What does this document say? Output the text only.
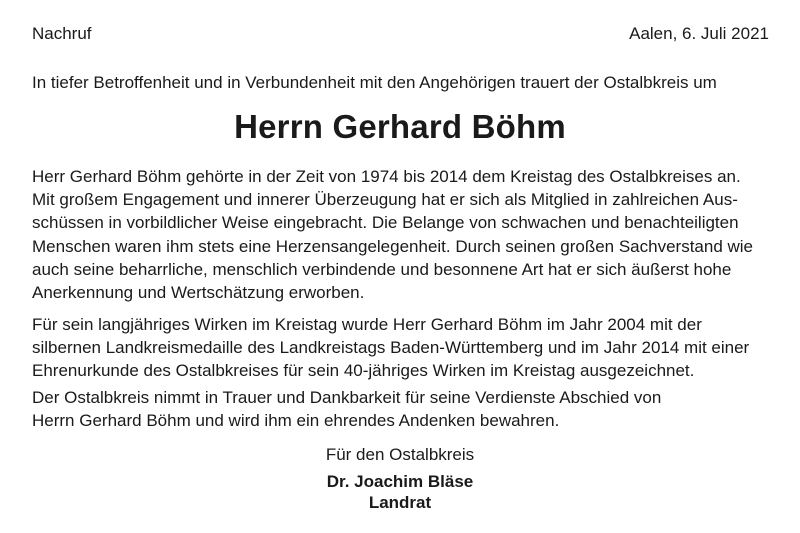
Nachruf	Aalen, 6. Juli 2021
In tiefer Betroffenheit und in Verbundenheit mit den Angehörigen trauert der Ostalbkreis um
Herrn Gerhard Böhm
Herr Gerhard Böhm gehörte in der Zeit von 1974 bis 2014 dem Kreistag des Ostalbkreises an.
Mit großem Engagement und innerer Überzeugung hat er sich als Mitglied in zahlreichen Aus-
schüssen in vorbildlicher Weise eingebracht. Die Belange von schwachen und benachteiligten
Menschen waren ihm stets eine Herzensangelegenheit. Durch seinen großen Sachverstand wie
auch seine beharrliche, menschlich verbindende und besonnene Art hat er sich äußerst hohe
Anerkennung und Wertschätzung erworben.
Für sein langjähriges Wirken im Kreistag wurde Herr Gerhard Böhm im Jahr 2004 mit der
silbernen Landkreismedaille des Landkreistags Baden-Württemberg und im Jahr 2014 mit einer
Ehrenurkunde des Ostalbkreises für sein 40-jähriges Wirken im Kreistag ausgezeichnet.
Der Ostalbkreis nimmt in Trauer und Dankbarkeit für seine Verdienste Abschied von
Herrn Gerhard Böhm und wird ihm ein ehrendes Andenken bewahren.
Für den Ostalbkreis
Dr. Joachim Bläse
Landrat
